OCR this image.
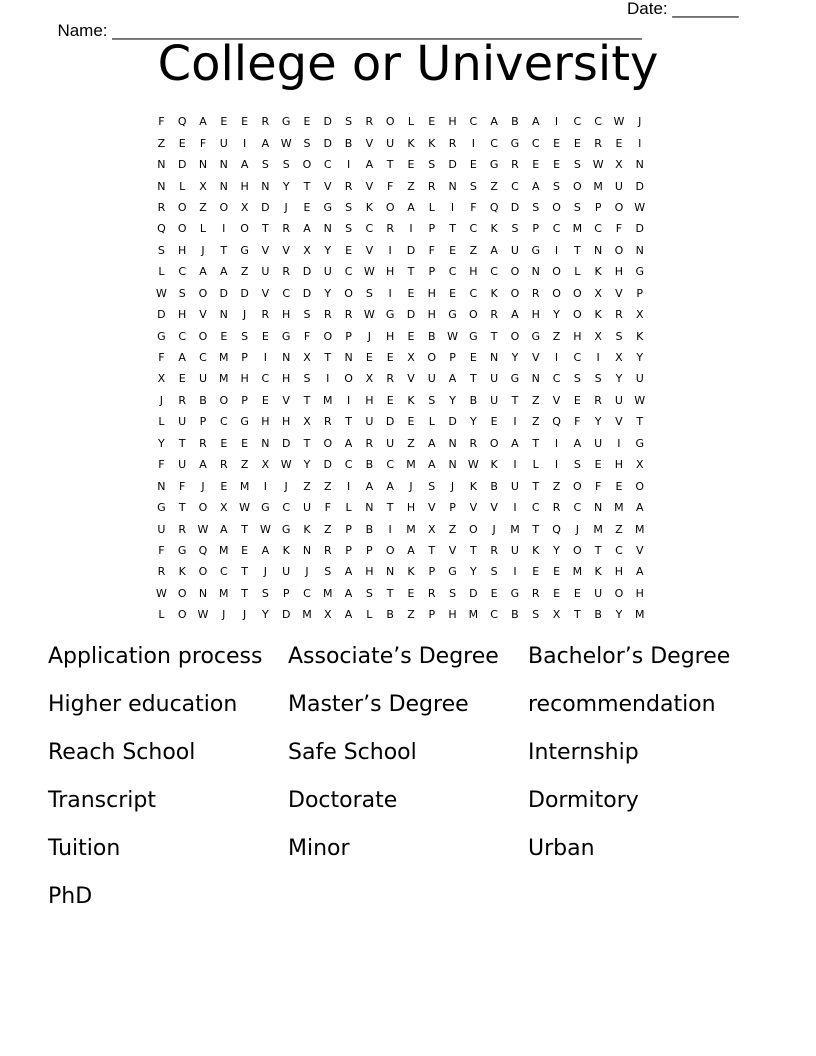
Name: ________________________________________________________

Date: _______

College or University
F	Q	A	E	E	R	G	E	D	S	R	O	L	E	H	C	A	B	A	I	C	C	W	J
Z	E	F	U	I	A	W	S	D	B	V	U	K	K	R	I	C	G	C	E	E	R	E	I
N	D	N	N	A	S	S	O	C	I	A	T	E	S	D	E	G	R	E	E	S	W	X	N
N	L	X	N	H	N	Y	T	V	R	V	F	Z	R	N	S	Z	C	A	S	O	M	U	D
R	O	Z	O	X	D	J	E	G	S	K	O	A	L	I	F	Q	D	S	O	S	P	O	W
Q	O	L	I	O	T	R	A	N	S	C	R	I	P	T	C	K	S	P	C	M	C	F	D
S	H	J	T	G	V	V	X	Y	E	V	I	D	F	E	Z	A	U	G	I	T	N	O	N
L	C	A	A	Z	U	R	D	U	C	W	H	T	P	C	H	C	O	N	O	L	K	H	G
W	S	O	D	D	V	C	D	Y	O	S	I	E	H	E	C	K	O	R	O	O	X	V	P
D	H	V	N	J	R	H	S	R	R	W	G	D	H	G	O	R	A	H	Y	O	K	R	X
G	C	O	E	S	E	G	F	O	P	J	H	E	B	W	G	T	O	G	Z	H	X	S	K
F	A	C	M	P	I	N	X	T	N	E	E	X	O	P	E	N	Y	V	I	C	I	X	Y
X	E	U	M	H	C	H	S	I	O	X	R	V	U	A	T	U	G	N	C	S	S	Y	U
J	R	B	O	P	E	V	T	M	I	H	E	K	S	Y	B	U	T	Z	V	E	R	U	W
L	U	P	C	G	H	H	X	R	T	U	D	E	L	D	Y	E	I	Z	Q	F	Y	V	T
Y	T	R	E	E	N	D	T	O	A	R	U	Z	A	N	R	O	A	T	I	A	U	I	G
F	U	A	R	Z	X	W	Y	D	C	B	C	M	A	N	W	K	I	L	I	S	E	H	X
N	F	J	E	M	I	J	Z	Z	I	A	A	J	S	J	K	B	U	T	Z	O	F	E	O
G	T	O	X	W	G	C	U	F	L	N	T	H	V	P	V	V	I	C	R	C	N	M	A
U	R	W	A	T	W	G	K	Z	P	B	I	M	X	Z	O	J	M	T	Q	J	M	Z	M
F	G	Q	M	E	A	K	N	R	P	P	O	A	T	V	T	R	U	K	Y	O	T	C	V
R	K	O	C	T	J	U	J	S	A	H	N	K	P	G	Y	S	I	E	E	M	K	H	A
W	O	N	M	T	S	P	C	M	A	S	T	E	R	S	D	E	G	R	E	E	U	O	H
L	O	W	J	J	Y	D	M	X	A	L	B	Z	P	H	M	C	B	S	X	T	B	Y	M
Application process	Associate’s Degree	Bachelor’s Degree
Higher education	Master’s Degree	recommendation
Reach School	Safe School	Internship
Transcript	Doctorate	Dormitory
Tuition	Minor	Urban
PhD
